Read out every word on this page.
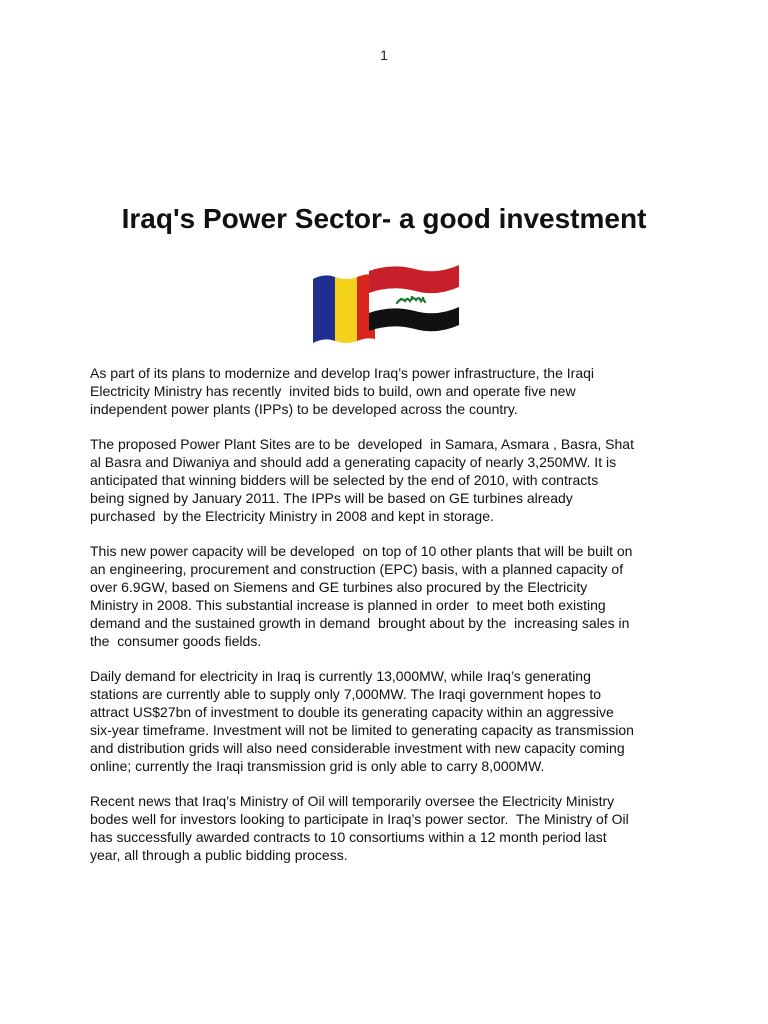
1
Iraq's Power Sector- a good investment

As part of its plans to modernize and develop Iraq’s power infrastructure, the Iraqi
Electricity Ministry has recently  invited bids to build, own and operate five new
independent power plants (IPPs) to be developed across the country.

The proposed Power Plant Sites are to be  developed  in Samara, Asmara , Basra, Shat
al Basra and Diwaniya and should add a generating capacity of nearly 3,250MW. It is
anticipated that winning bidders will be selected by the end of 2010, with contracts
being signed by January 2011. The IPPs will be based on GE turbines already
purchased  by the Electricity Ministry in 2008 and kept in storage.

This new power capacity will be developed  on top of 10 other plants that will be built on
an engineering, procurement and construction (EPC) basis, with a planned capacity of
over 6.9GW, based on Siemens and GE turbines also procured by the Electricity
Ministry in 2008. This substantial increase is planned in order  to meet both existing
demand and the sustained growth in demand  brought about by the  increasing sales in
the  consumer goods fields.

Daily demand for electricity in Iraq is currently 13,000MW, while Iraq’s generating
stations are currently able to supply only 7,000MW. The Iraqi government hopes to
attract US$27bn of investment to double its generating capacity within an aggressive
six-year timeframe. Investment will not be limited to generating capacity as transmission
and distribution grids will also need considerable investment with new capacity coming
online; currently the Iraqi transmission grid is only able to carry 8,000MW.

Recent news that Iraq’s Ministry of Oil will temporarily oversee the Electricity Ministry
bodes well for investors looking to participate in Iraq’s power sector.  The Ministry of Oil
has successfully awarded contracts to 10 consortiums within a 12 month period last
year, all through a public bidding process.
